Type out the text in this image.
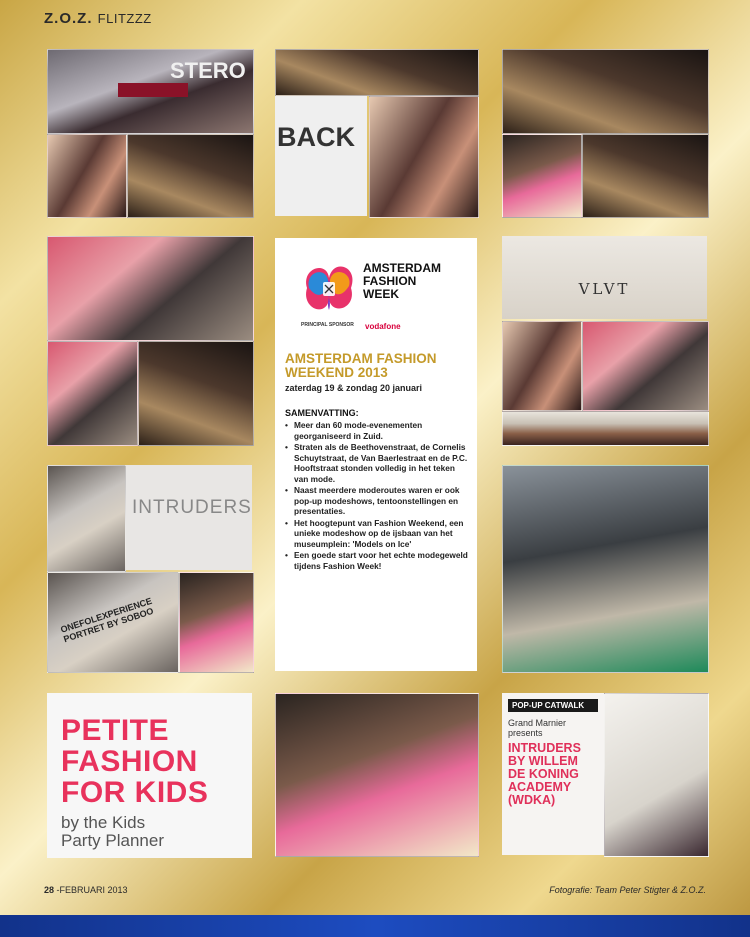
Z.O.Z. FLITZZZ
STERO
BACK
VLVT
INTRUDERS
ONEFOLEXPERIENCE
PORTRET BY SOBOO
AMSTERDAM
FASHION
WEEK
PRINCIPAL SPONSOR vodafone
AMSTERDAM FASHION
WEEKEND 2013
zaterdag 19 & zondag 20 januari
SAMENVATTING:
• Meer dan 60 mode-evenementen georganiseerd in Zuid.
• Straten als de Beethovenstraat, de Cornelis Schuytstraat, de Van Baerlestraat en de P.C. Hooftstraat stonden volledig in het teken van mode.
• Naast meerdere moderoutes waren er ook pop-up modeshows, tentoonstellingen en presentaties.
• Het hoogtepunt van Fashion Weekend, een unieke modeshow op de ijsbaan van het museumplein: 'Models on Ice'
• Een goede start voor het echte modegeweld tijdens Fashion Week!
PETITE
FASHION
FOR KIDS
by the Kids
Party Planner
POP-UP CATWALK
Grand Marnier
presents
INTRUDERS
BY WILLEM
DE KONING
ACADEMY
(WDKA)
28 -FEBRUARI 2013	Fotografie: Team Peter Stigter & Z.O.Z.
